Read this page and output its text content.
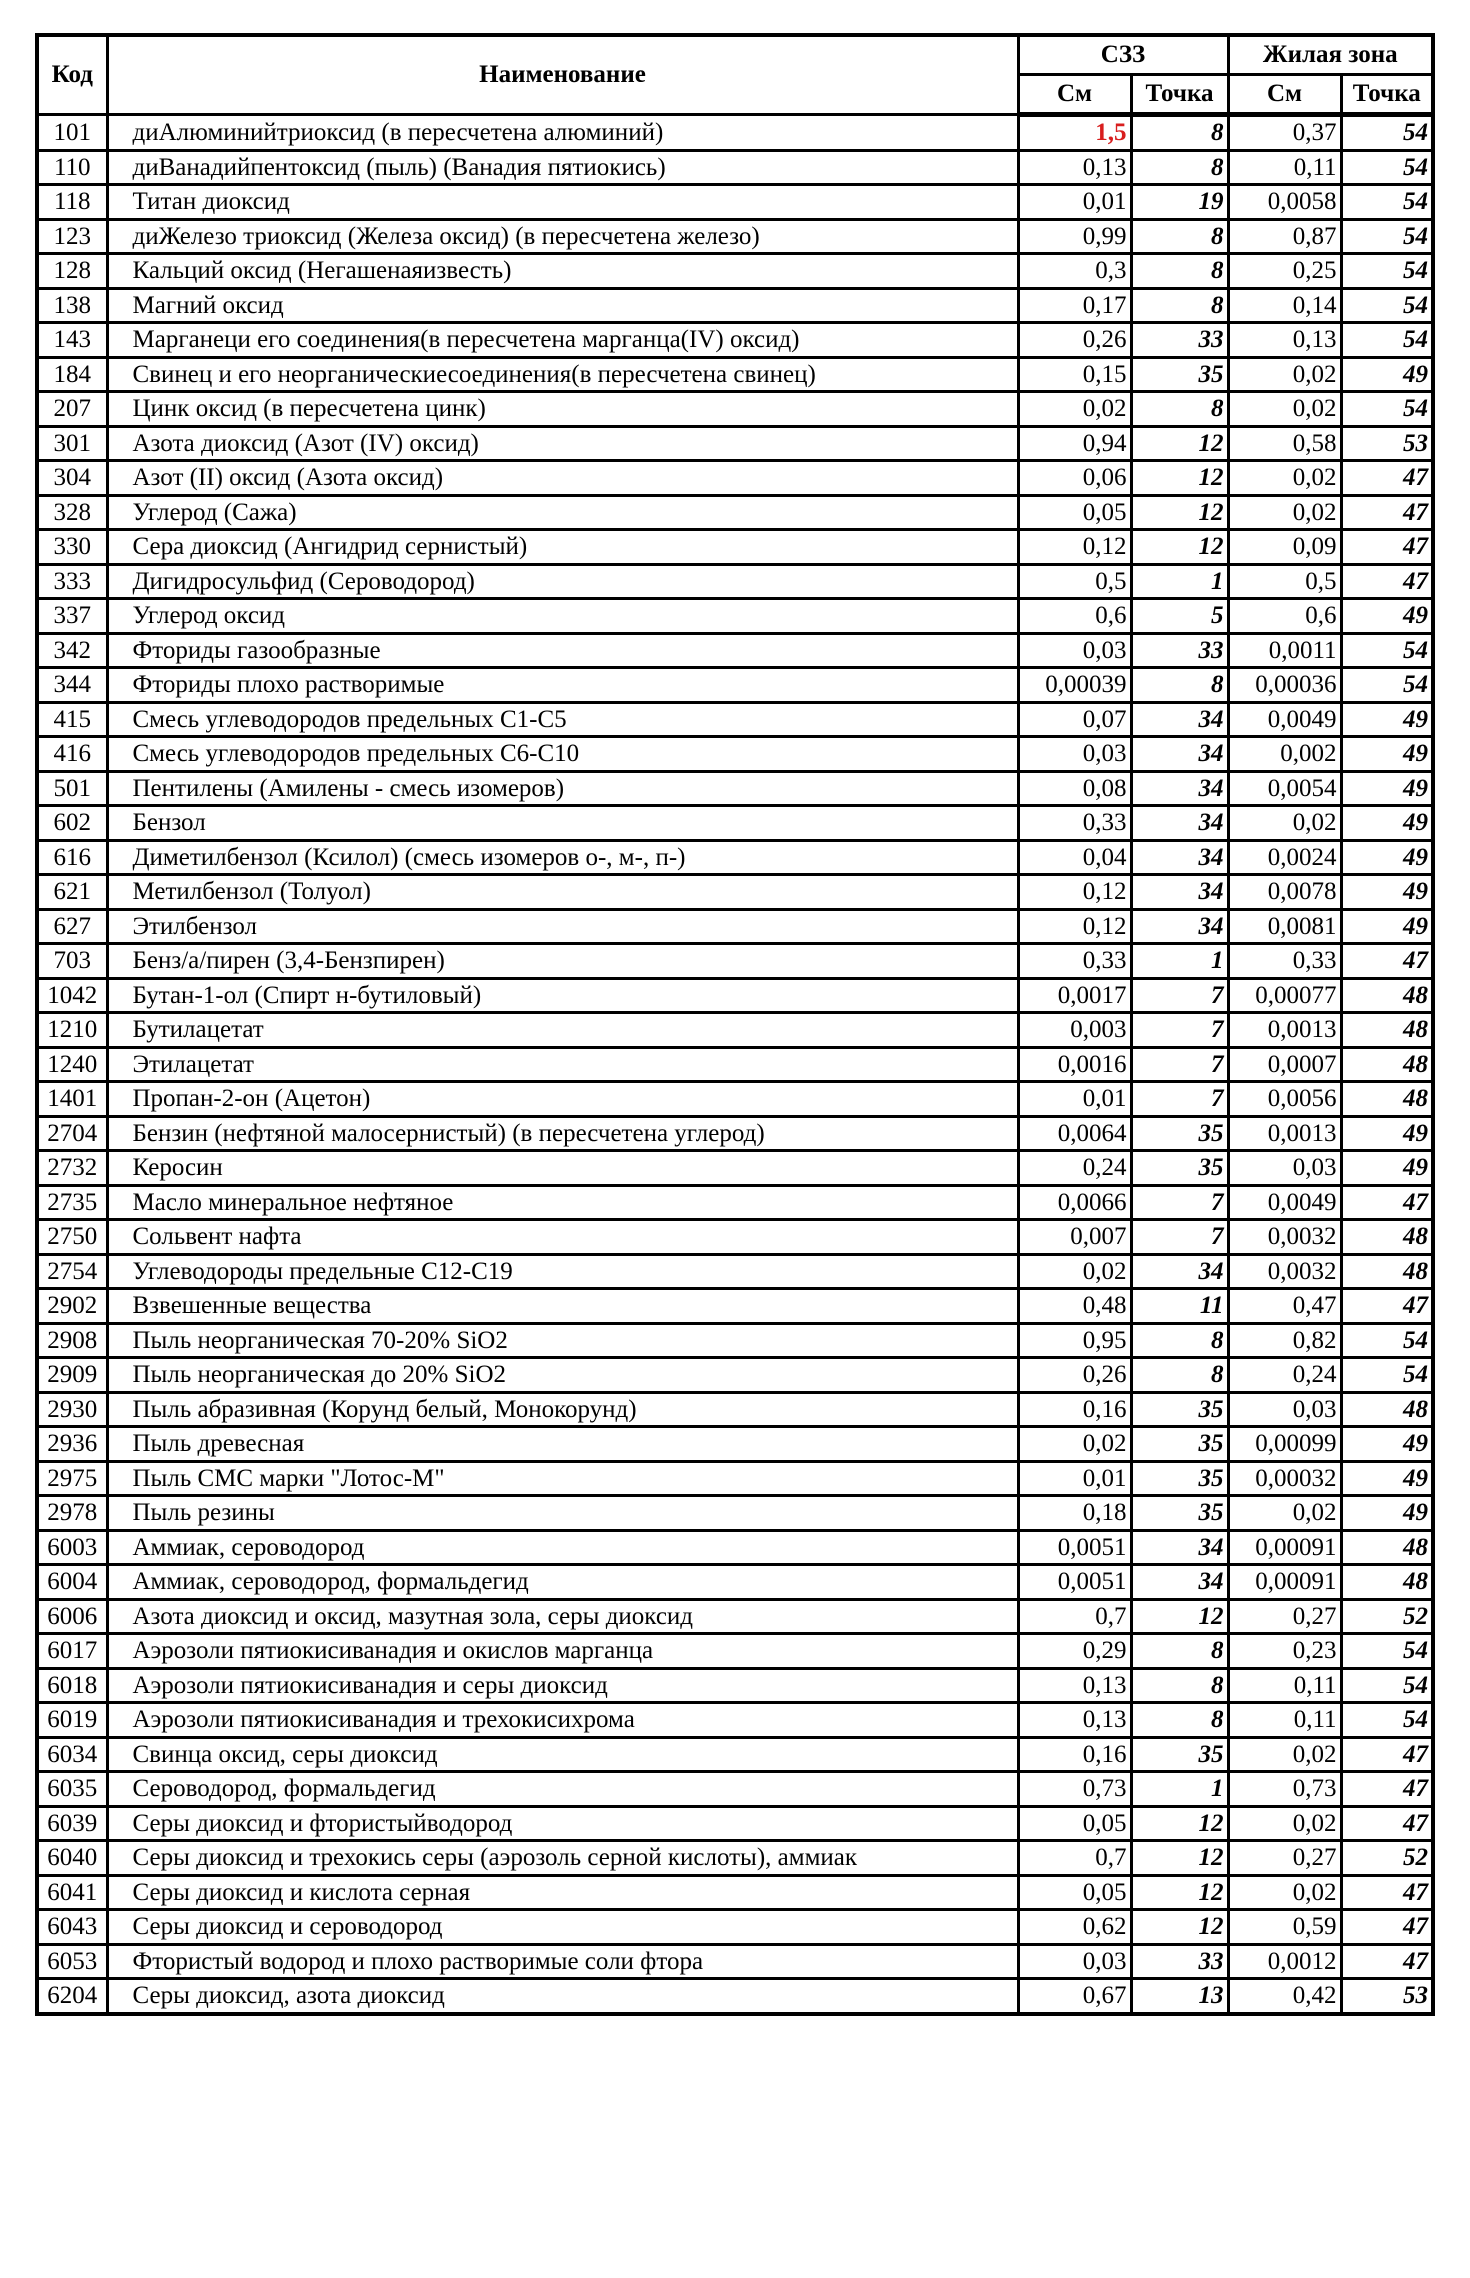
Код	Наименование	СЗЗ		Жилая зона	
		См	Точка	См	Точка
101	диАлюминийтриоксид (в пересчетена алюминий)	1,5	8	0,37	54
110	диВанадийпентоксид (пыль) (Ванадия пятиокись)	0,13	8	0,11	54
118	Титан диоксид	0,01	19	0,0058	54
123	диЖелезо триоксид (Железа оксид) (в пересчетена железо)	0,99	8	0,87	54
128	Кальций оксид (Негашенаяизвесть)	0,3	8	0,25	54
138	Магний оксид	0,17	8	0,14	54
143	Марганеци его соединения(в пересчетена марганца(IV) оксид)	0,26	33	0,13	54
184	Свинец и его неорганическиесоединения(в пересчетена свинец)	0,15	35	0,02	49
207	Цинк оксид (в пересчетена цинк)	0,02	8	0,02	54
301	Азота диоксид (Азот (IV) оксид)	0,94	12	0,58	53
304	Азот (II) оксид (Азота оксид)	0,06	12	0,02	47
328	Углерод (Сажа)	0,05	12	0,02	47
330	Сера диоксид (Ангидрид сернистый)	0,12	12	0,09	47
333	Дигидросульфид (Сероводород)	0,5	1	0,5	47
337	Углерод оксид	0,6	5	0,6	49
342	Фториды газообразные	0,03	33	0,0011	54
344	Фториды плохо растворимые	0,00039	8	0,00036	54
415	Смесь углеводородов предельных С1-С5	0,07	34	0,0049	49
416	Смесь углеводородов предельных С6-С10	0,03	34	0,002	49
501	Пентилены (Амилены - смесь изомеров)	0,08	34	0,0054	49
602	Бензол	0,33	34	0,02	49
616	Диметилбензол (Ксилол) (смесь изомеров о-, м-, п-)	0,04	34	0,0024	49
621	Метилбензол (Толуол)	0,12	34	0,0078	49
627	Этилбензол	0,12	34	0,0081	49
703	Бенз/а/пирен (3,4-Бензпирен)	0,33	1	0,33	47
1042	Бутан-1-ол (Спирт н-бутиловый)	0,0017	7	0,00077	48
1210	Бутилацетат	0,003	7	0,0013	48
1240	Этилацетат	0,0016	7	0,0007	48
1401	Пропан-2-он (Ацетон)	0,01	7	0,0056	48
2704	Бензин (нефтяной малосернистый) (в пересчетена углерод)	0,0064	35	0,0013	49
2732	Керосин	0,24	35	0,03	49
2735	Масло минеральное нефтяное	0,0066	7	0,0049	47
2750	Сольвент нафта	0,007	7	0,0032	48
2754	Углеводороды предельные С12-С19	0,02	34	0,0032	48
2902	Взвешенные вещества	0,48	11	0,47	47
2908	Пыль неорганическая 70-20% SiO2	0,95	8	0,82	54
2909	Пыль неорганическая до 20% SiO2	0,26	8	0,24	54
2930	Пыль абразивная (Корунд белый, Монокорунд)	0,16	35	0,03	48
2936	Пыль древесная	0,02	35	0,00099	49
2975	Пыль СМС марки "Лотос-М"	0,01	35	0,00032	49
2978	Пыль резины	0,18	35	0,02	49
6003	Аммиак, сероводород	0,0051	34	0,00091	48
6004	Аммиак, сероводород, формальдегид	0,0051	34	0,00091	48
6006	Азота диоксид и оксид, мазутная зола, серы диоксид	0,7	12	0,27	52
6017	Аэрозоли пятиокисиванадия и окислов марганца	0,29	8	0,23	54
6018	Аэрозоли пятиокисиванадия и серы диоксид	0,13	8	0,11	54
6019	Аэрозоли пятиокисиванадия и трехокисихрома	0,13	8	0,11	54
6034	Свинца оксид, серы диоксид	0,16	35	0,02	47
6035	Сероводород, формальдегид	0,73	1	0,73	47
6039	Серы диоксид и фтористыйводород	0,05	12	0,02	47
6040	Серы диоксид и трехокись серы (аэрозоль серной кислоты), аммиак	0,7	12	0,27	52
6041	Серы диоксид и кислота серная	0,05	12	0,02	47
6043	Серы диоксид и сероводород	0,62	12	0,59	47
6053	Фтористый водород и плохо растворимые соли фтора	0,03	33	0,0012	47
6204	Серы диоксид, азота диоксид	0,67	13	0,42	53
